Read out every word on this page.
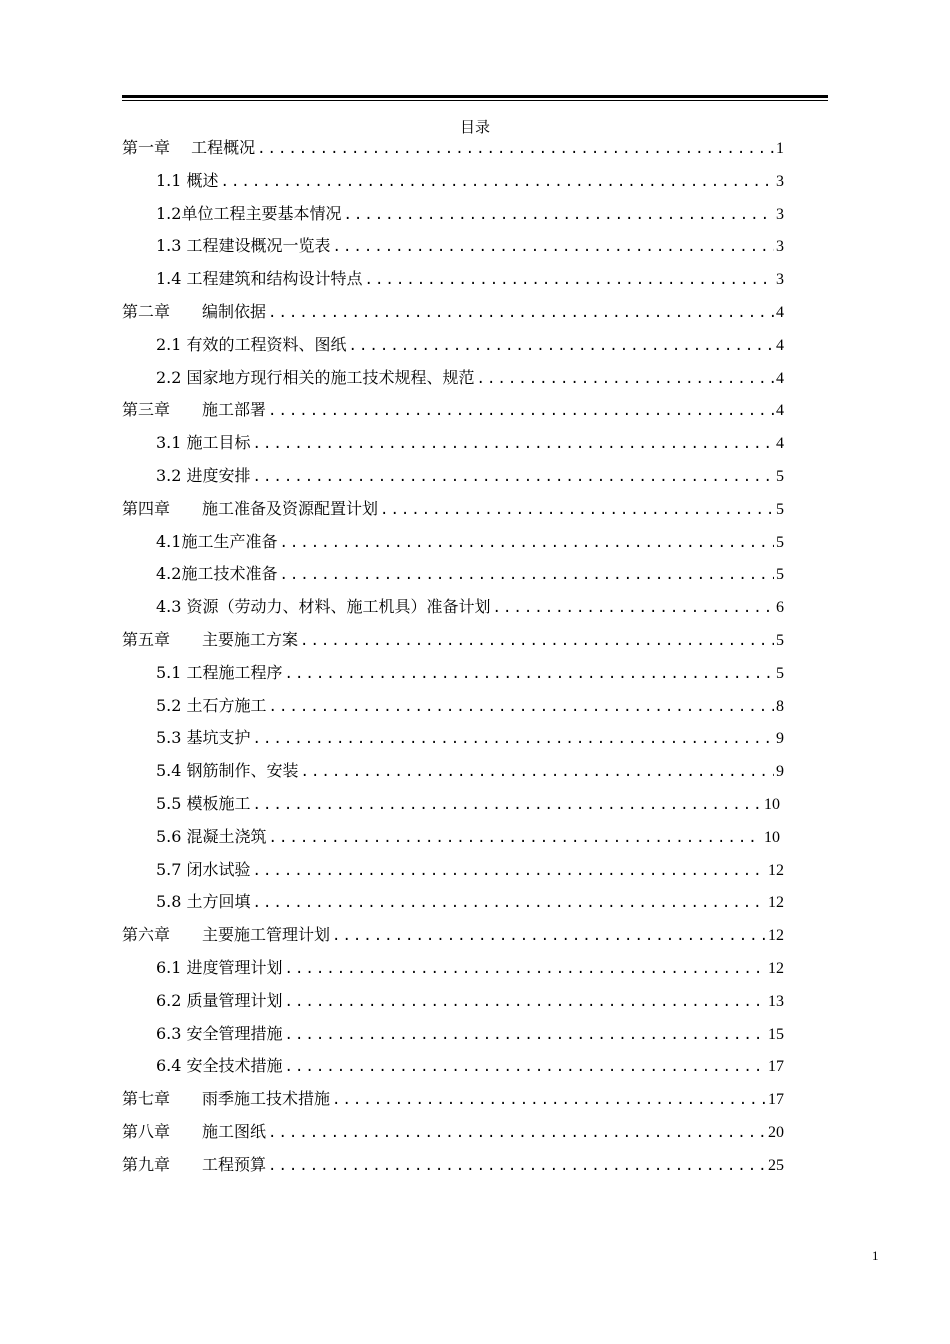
目录
第一章　 工程概况 .....	1
1.1 概述 .....	3
1.2单位工程主要基本情况 .....	3
1.3 工程建设概况一览表 .....	3
1.4 工程建筑和结构设计特点 .....	3
第二章　　编制依据 .....	4
2.1 有效的工程资料、图纸 .....	4
2.2 国家地方现行相关的施工技术规程、规范 .....	4
第三章　　施工部署 .....	4
3.1 施工目标 .....	4
3.2 进度安排 .....	5
第四章　　施工准备及资源配置计划 .....	5
4.1施工生产准备 .....	5
4.2施工技术准备 .....	5
4.3 资源（劳动力、材料、施工机具）准备计划 .....	6
第五章　　主要施工方案 .....	5
5.1 工程施工程序 .....	5
5.2 土石方施工 .....	8
5.3 基坑支护 .....	9
5.4 钢筋制作、安装 .....	9
5.5 模板施工 .....	10
5.6 混凝土浇筑 .....	10
5.7 闭水试验 .....	12
5.8 土方回填 .....	12
第六章　　主要施工管理计划 .....	12
6.1 进度管理计划 .....	12
6.2 质量管理计划 .....	13
6.3 安全管理措施 .....	15
6.4 安全技术措施 .....	17
第七章　　雨季施工技术措施 .....	17
第八章　　施工图纸 .....	20
第九章　　工程预算 .....	25
1
